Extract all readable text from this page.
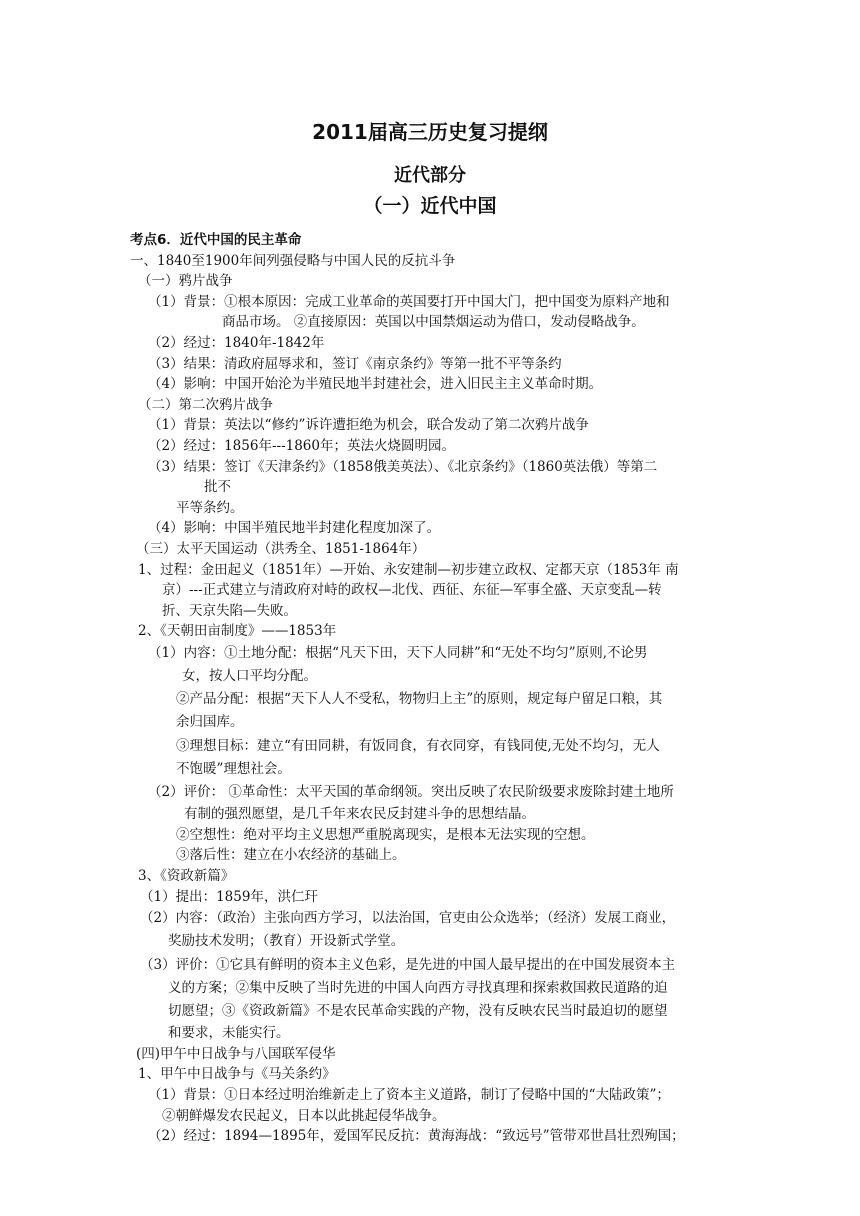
2011届高三历史复习提纲
近代部分
（一）近代中国
考点6．近代中国的民主革命
一、1840至1900年间列强侵略与中国人民的反抗斗争
（一）鸦片战争
（1）背景：①根本原因：完成工业革命的英国要打开中国大门，把中国变为原料产地和
商品市场。 ②直接原因：英国以中国禁烟运动为借口，发动侵略战争。
（2）经过：1840年-1842年
（3）结果：清政府屈辱求和，签订《南京条约》等第一批不平等条约
（4）影响：中国开始沦为半殖民地半封建社会，进入旧民主主义革命时期。
（二）第二次鸦片战争
（1）背景：英法以“修约”诉许遭拒绝为机会，联合发动了第二次鸦片战争
（2）经过：1856年---1860年；英法火烧圆明园。
（3）结果：签订《天津条约》（1858俄美英法）、《北京条约》（1860英法俄）等第二
批不
平等条约。
（4）影响：中国半殖民地半封建化程度加深了。
（三）太平天国运动（洪秀全、1851-1864年）
1、过程：金田起义（1851年）—开始、永安建制—初步建立政权、定都天京（1853年 南
京）---正式建立与清政府对峙的政权—北伐、西征、东征—军事全盛、天京变乱—转
折、天京失陷—失败。
2、《天朝田亩制度》——1853年
（1）内容：①土地分配：根据“凡天下田，天下人同耕”和“无处不均匀”原则,不论男
女，按人口平均分配。
②产品分配：根据“天下人人不受私，物物归上主”的原则，规定每户留足口粮，其
余归国库。
③理想目标：建立“有田同耕，有饭同食，有衣同穿，有钱同使,无处不均匀，无人
不饱暖”理想社会。
（2）评价： ①革命性：太平天国的革命纲领。突出反映了农民阶级要求废除封建土地所
有制的强烈愿望，是几千年来农民反封建斗争的思想结晶。
②空想性：绝对平均主义思想严重脱离现实，是根本无法实现的空想。
③落后性：建立在小农经济的基础上。
3、《资政新篇》
（1）提出：1859年，洪仁玕
（2）内容：（政治）主张向西方学习，以法治国，官吏由公众选举；（经济）发展工商业，
奖励技术发明；（教育）开设新式学堂。
（3）评价：①它具有鲜明的资本主义色彩，是先进的中国人最早提出的在中国发展资本主
义的方案；②集中反映了当时先进的中国人向西方寻找真理和探索救国救民道路的迫
切愿望；③《资政新篇》不是农民革命实践的产物，没有反映农民当时最迫切的愿望
和要求，未能实行。
(四)甲午中日战争与八国联军侵华
1、甲午中日战争与《马关条约》
（1）背景：①日本经过明治维新走上了资本主义道路，制订了侵略中国的“大陆政策”；
②朝鲜爆发农民起义，日本以此挑起侵华战争。
（2）经过：1894—1895年，爱国军民反抗：黄海海战：“致远号”管带邓世昌壮烈殉国；
